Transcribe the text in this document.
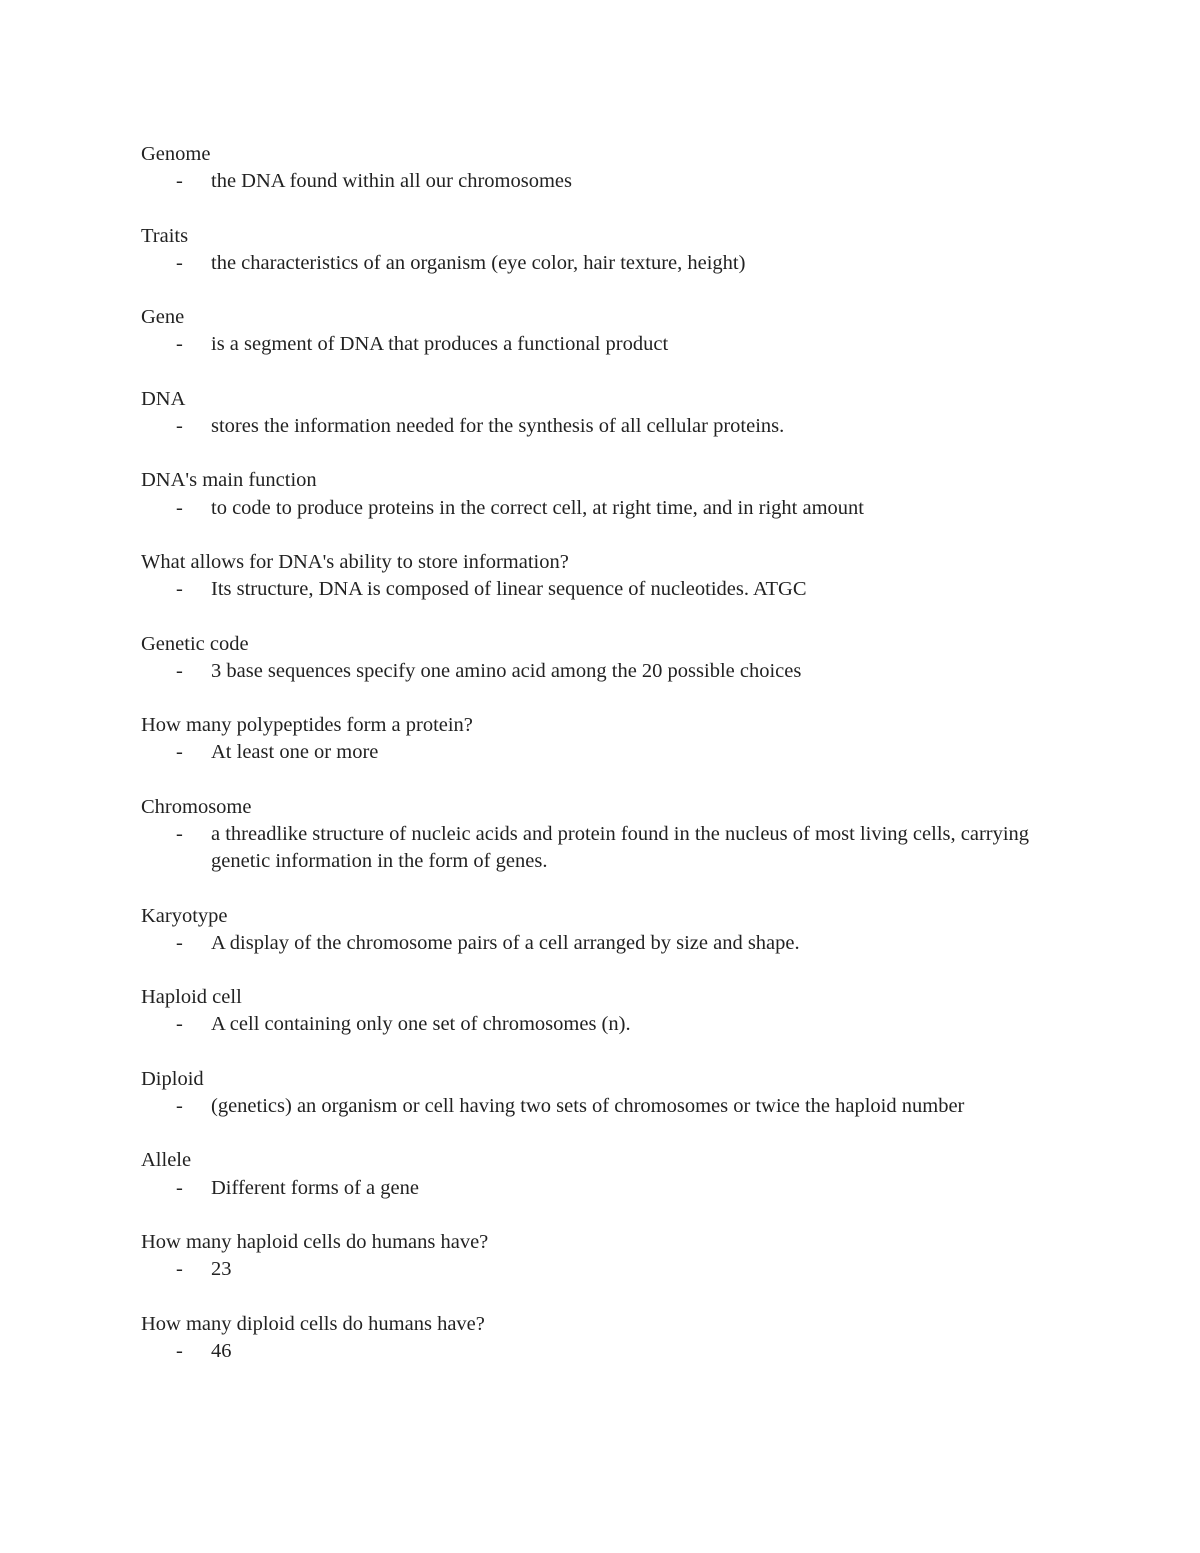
Genome

- the DNA found within all our chromosomes

Traits

- the characteristics of an organism (eye color, hair texture, height)

Gene

- is a segment of DNA that produces a functional product

DNA

- stores the information needed for the synthesis of all cellular proteins.

DNA's main function

- to code to produce proteins in the correct cell, at right time, and in right amount

What allows for DNA's ability to store information?

- Its structure, DNA is composed of linear sequence of nucleotides. ATGC

Genetic code

- 3 base sequences specify one amino acid among the 20 possible choices

How many polypeptides form a protein?

- At least one or more

Chromosome

- a threadlike structure of nucleic acids and protein found in the nucleus of most living cells, carrying genetic information in the form of genes.

Karyotype

- A display of the chromosome pairs of a cell arranged by size and shape.

Haploid cell

- A cell containing only one set of chromosomes (n).

Diploid

- (genetics) an organism or cell having two sets of chromosomes or twice the haploid number

Allele

- Different forms of a gene

How many haploid cells do humans have?

- 23

How many diploid cells do humans have?

- 46
